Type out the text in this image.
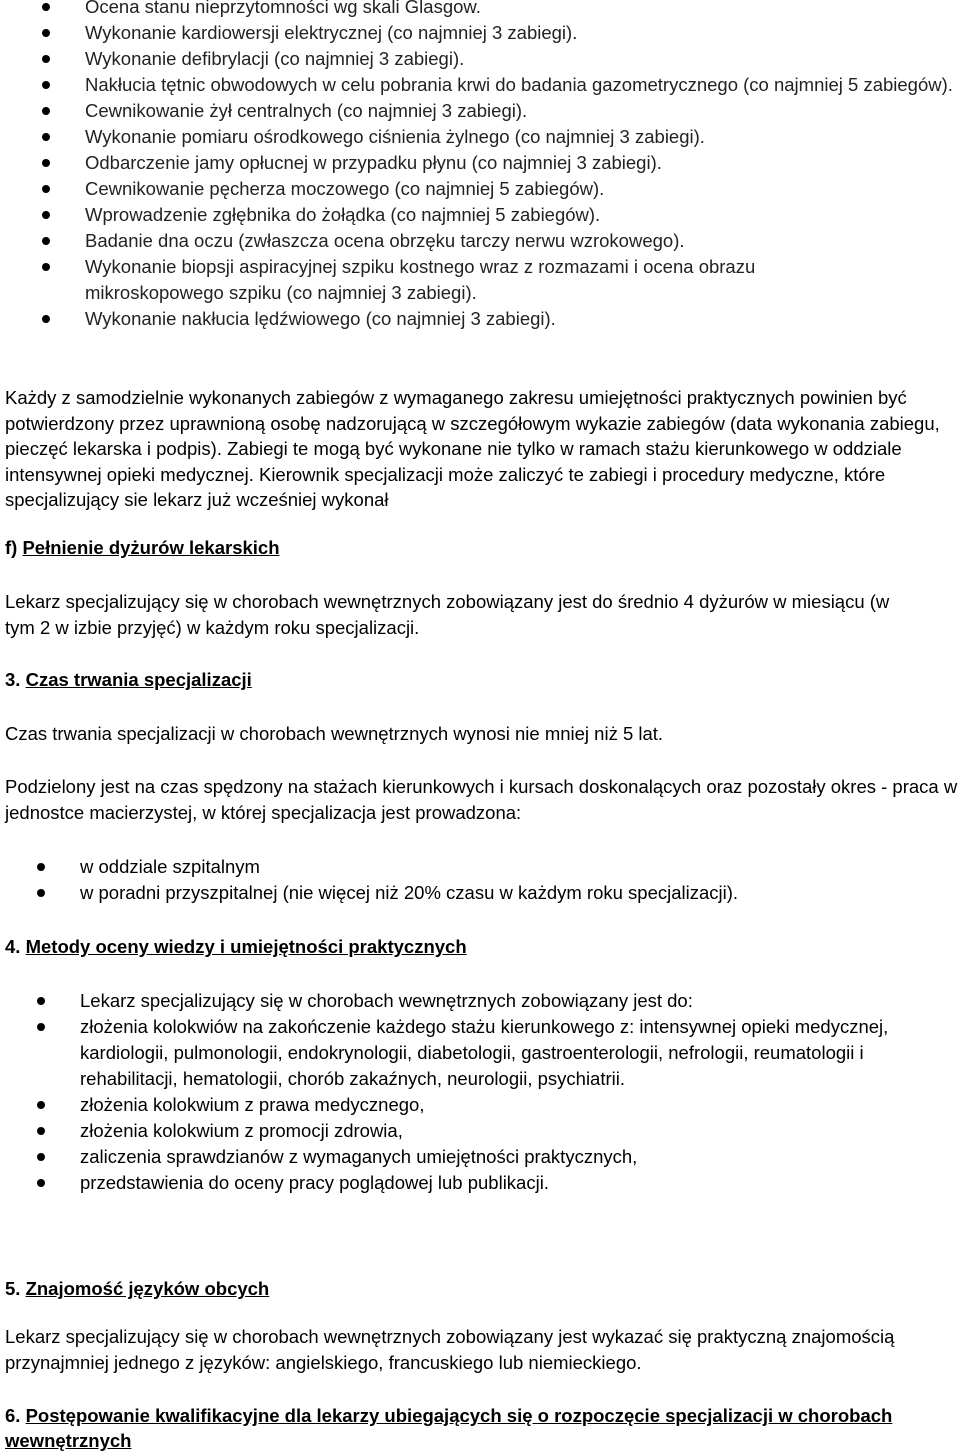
Ocena stanu nieprzytomności wg skali Glasgow.
Wykonanie kardiowersji elektrycznej (co najmniej 3 zabiegi).
Wykonanie defibrylacji (co najmniej 3 zabiegi).
Nakłucia tętnic obwodowych w celu pobrania krwi do badania gazometrycznego (co najmniej 5 zabiegów).
Cewnikowanie żył centralnych (co najmniej 3 zabiegi).
Wykonanie pomiaru ośrodkowego ciśnienia żylnego (co najmniej 3 zabiegi).
Odbarczenie jamy opłucnej w przypadku płynu (co najmniej 3 zabiegi).
Cewnikowanie pęcherza moczowego (co najmniej 5 zabiegów).
Wprowadzenie zgłębnika do żołądka (co najmniej 5 zabiegów).
Badanie dna oczu (zwłaszcza ocena obrzęku tarczy nerwu wzrokowego).
Wykonanie biopsji aspiracyjnej szpiku kostnego wraz z rozmazami i ocena obrazu mikroskopowego szpiku (co najmniej 3 zabiegi).
Wykonanie nakłucia lędźwiowego (co najmniej 3 zabiegi).

Każdy z samodzielnie wykonanych zabiegów z wymaganego zakresu umiejętności praktycznych powinien być potwierdzony przez uprawnioną osobę nadzorującą w szczegółowym wykazie zabiegów (data wykonania zabiegu, pieczęć lekarska i podpis). Zabiegi te mogą być wykonane nie tylko w ramach stażu kierunkowego w oddziale intensywnej opieki medycznej. Kierownik specjalizacji może zaliczyć te zabiegi i procedury medyczne, które specjalizujący sie lekarz już wcześniej wykonał

f) Pełnienie dyżurów lekarskich

Lekarz specjalizujący się w chorobach wewnętrznych zobowiązany jest do średnio 4 dyżurów w miesiącu (w tym 2 w izbie przyjęć) w każdym roku specjalizacji.

3. Czas trwania specjalizacji

Czas trwania specjalizacji w chorobach wewnętrznych wynosi nie mniej niż 5 lat.

Podzielony jest na czas spędzony na stażach kierunkowych i kursach doskonalących oraz pozostały okres - praca w jednostce macierzystej, w której specjalizacja jest prowadzona:

w oddziale szpitalnym
w poradni przyszpitalnej (nie więcej niż 20% czasu w każdym roku specjalizacji).

4. Metody oceny wiedzy i umiejętności praktycznych

Lekarz specjalizujący się w chorobach wewnętrznych zobowiązany jest do:
złożenia kolokwiów na zakończenie każdego stażu kierunkowego z: intensywnej opieki medycznej, kardiologii, pulmonologii, endokrynologii, diabetologii, gastroenterologii, nefrologii, reumatologii i rehabilitacji, hematologii, chorób zakaźnych, neurologii, psychiatrii.
złożenia kolokwium z prawa medycznego,
złożenia kolokwium z promocji zdrowia,
zaliczenia sprawdzianów z wymaganych umiejętności praktycznych,
przedstawienia do oceny pracy poglądowej lub publikacji.

5. Znajomość języków obcych

Lekarz specjalizujący się w chorobach wewnętrznych zobowiązany jest wykazać się praktyczną znajomością przynajmniej jednego z języków: angielskiego, francuskiego lub niemieckiego.

6. Postępowanie kwalifikacyjne dla lekarzy ubiegających się o rozpoczęcie specjalizacji w chorobach wewnętrznych
